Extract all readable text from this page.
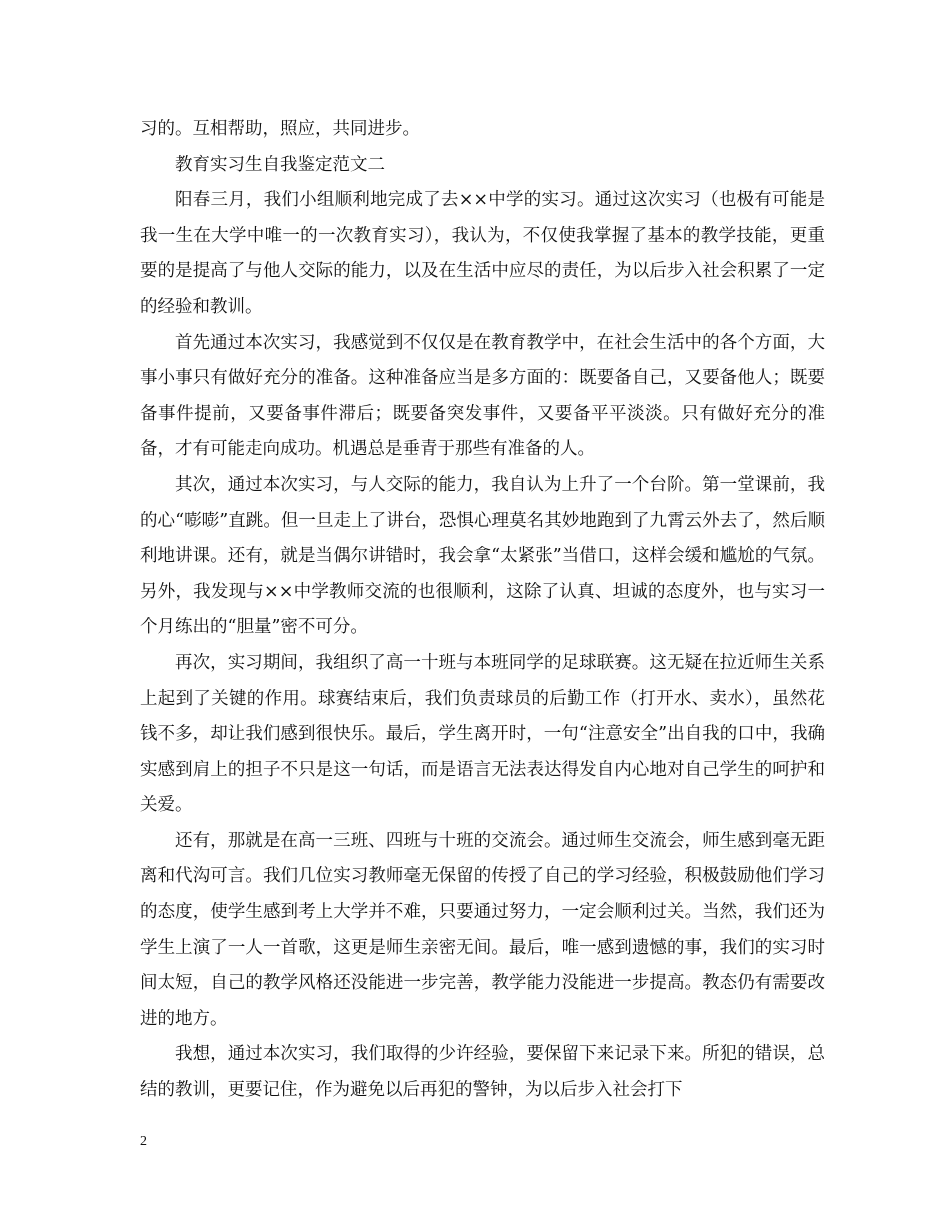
习的。互相帮助，照应，共同进步。

教育实习生自我鉴定范文二

阳春三月，我们小组顺利地完成了去××中学的实习。通过这次实习（也极有可能是我一生在大学中唯一的一次教育实习），我认为，不仅使我掌握了基本的教学技能，更重要的是提高了与他人交际的能力，以及在生活中应尽的责任，为以后步入社会积累了一定的经验和教训。

首先通过本次实习，我感觉到不仅仅是在教育教学中，在社会生活中的各个方面，大事小事只有做好充分的准备。这种准备应当是多方面的：既要备自己，又要备他人；既要备事件提前，又要备事件滞后；既要备突发事件，又要备平平淡淡。只有做好充分的准备，才有可能走向成功。机遇总是垂青于那些有准备的人。

其次，通过本次实习，与人交际的能力，我自认为上升了一个台阶。第一堂课前，我的心“嘭嘭”直跳。但一旦走上了讲台，恐惧心理莫名其妙地跑到了九霄云外去了，然后顺利地讲课。还有，就是当偶尔讲错时，我会拿“太紧张”当借口，这样会缓和尴尬的气氛。另外，我发现与××中学教师交流的也很顺利，这除了认真、坦诚的态度外，也与实习一个月练出的“胆量”密不可分。

再次，实习期间，我组织了高一十班与本班同学的足球联赛。这无疑在拉近师生关系上起到了关键的作用。球赛结束后，我们负责球员的后勤工作（打开水、卖水），虽然花钱不多，却让我们感到很快乐。最后，学生离开时，一句“注意安全”出自我的口中，我确实感到肩上的担子不只是这一句话，而是语言无法表达得发自内心地对自己学生的呵护和关爱。

还有，那就是在高一三班、四班与十班的交流会。通过师生交流会，师生感到毫无距离和代沟可言。我们几位实习教师毫无保留的传授了自己的学习经验，积极鼓励他们学习的态度，使学生感到考上大学并不难，只要通过努力，一定会顺利过关。当然，我们还为学生上演了一人一首歌，这更是师生亲密无间。最后，唯一感到遗憾的事，我们的实习时间太短，自己的教学风格还没能进一步完善，教学能力没能进一步提高。教态仍有需要改进的地方。

我想，通过本次实习，我们取得的少许经验，要保留下来记录下来。所犯的错误，总结的教训，更要记住，作为避免以后再犯的警钟，为以后步入社会打下

2
